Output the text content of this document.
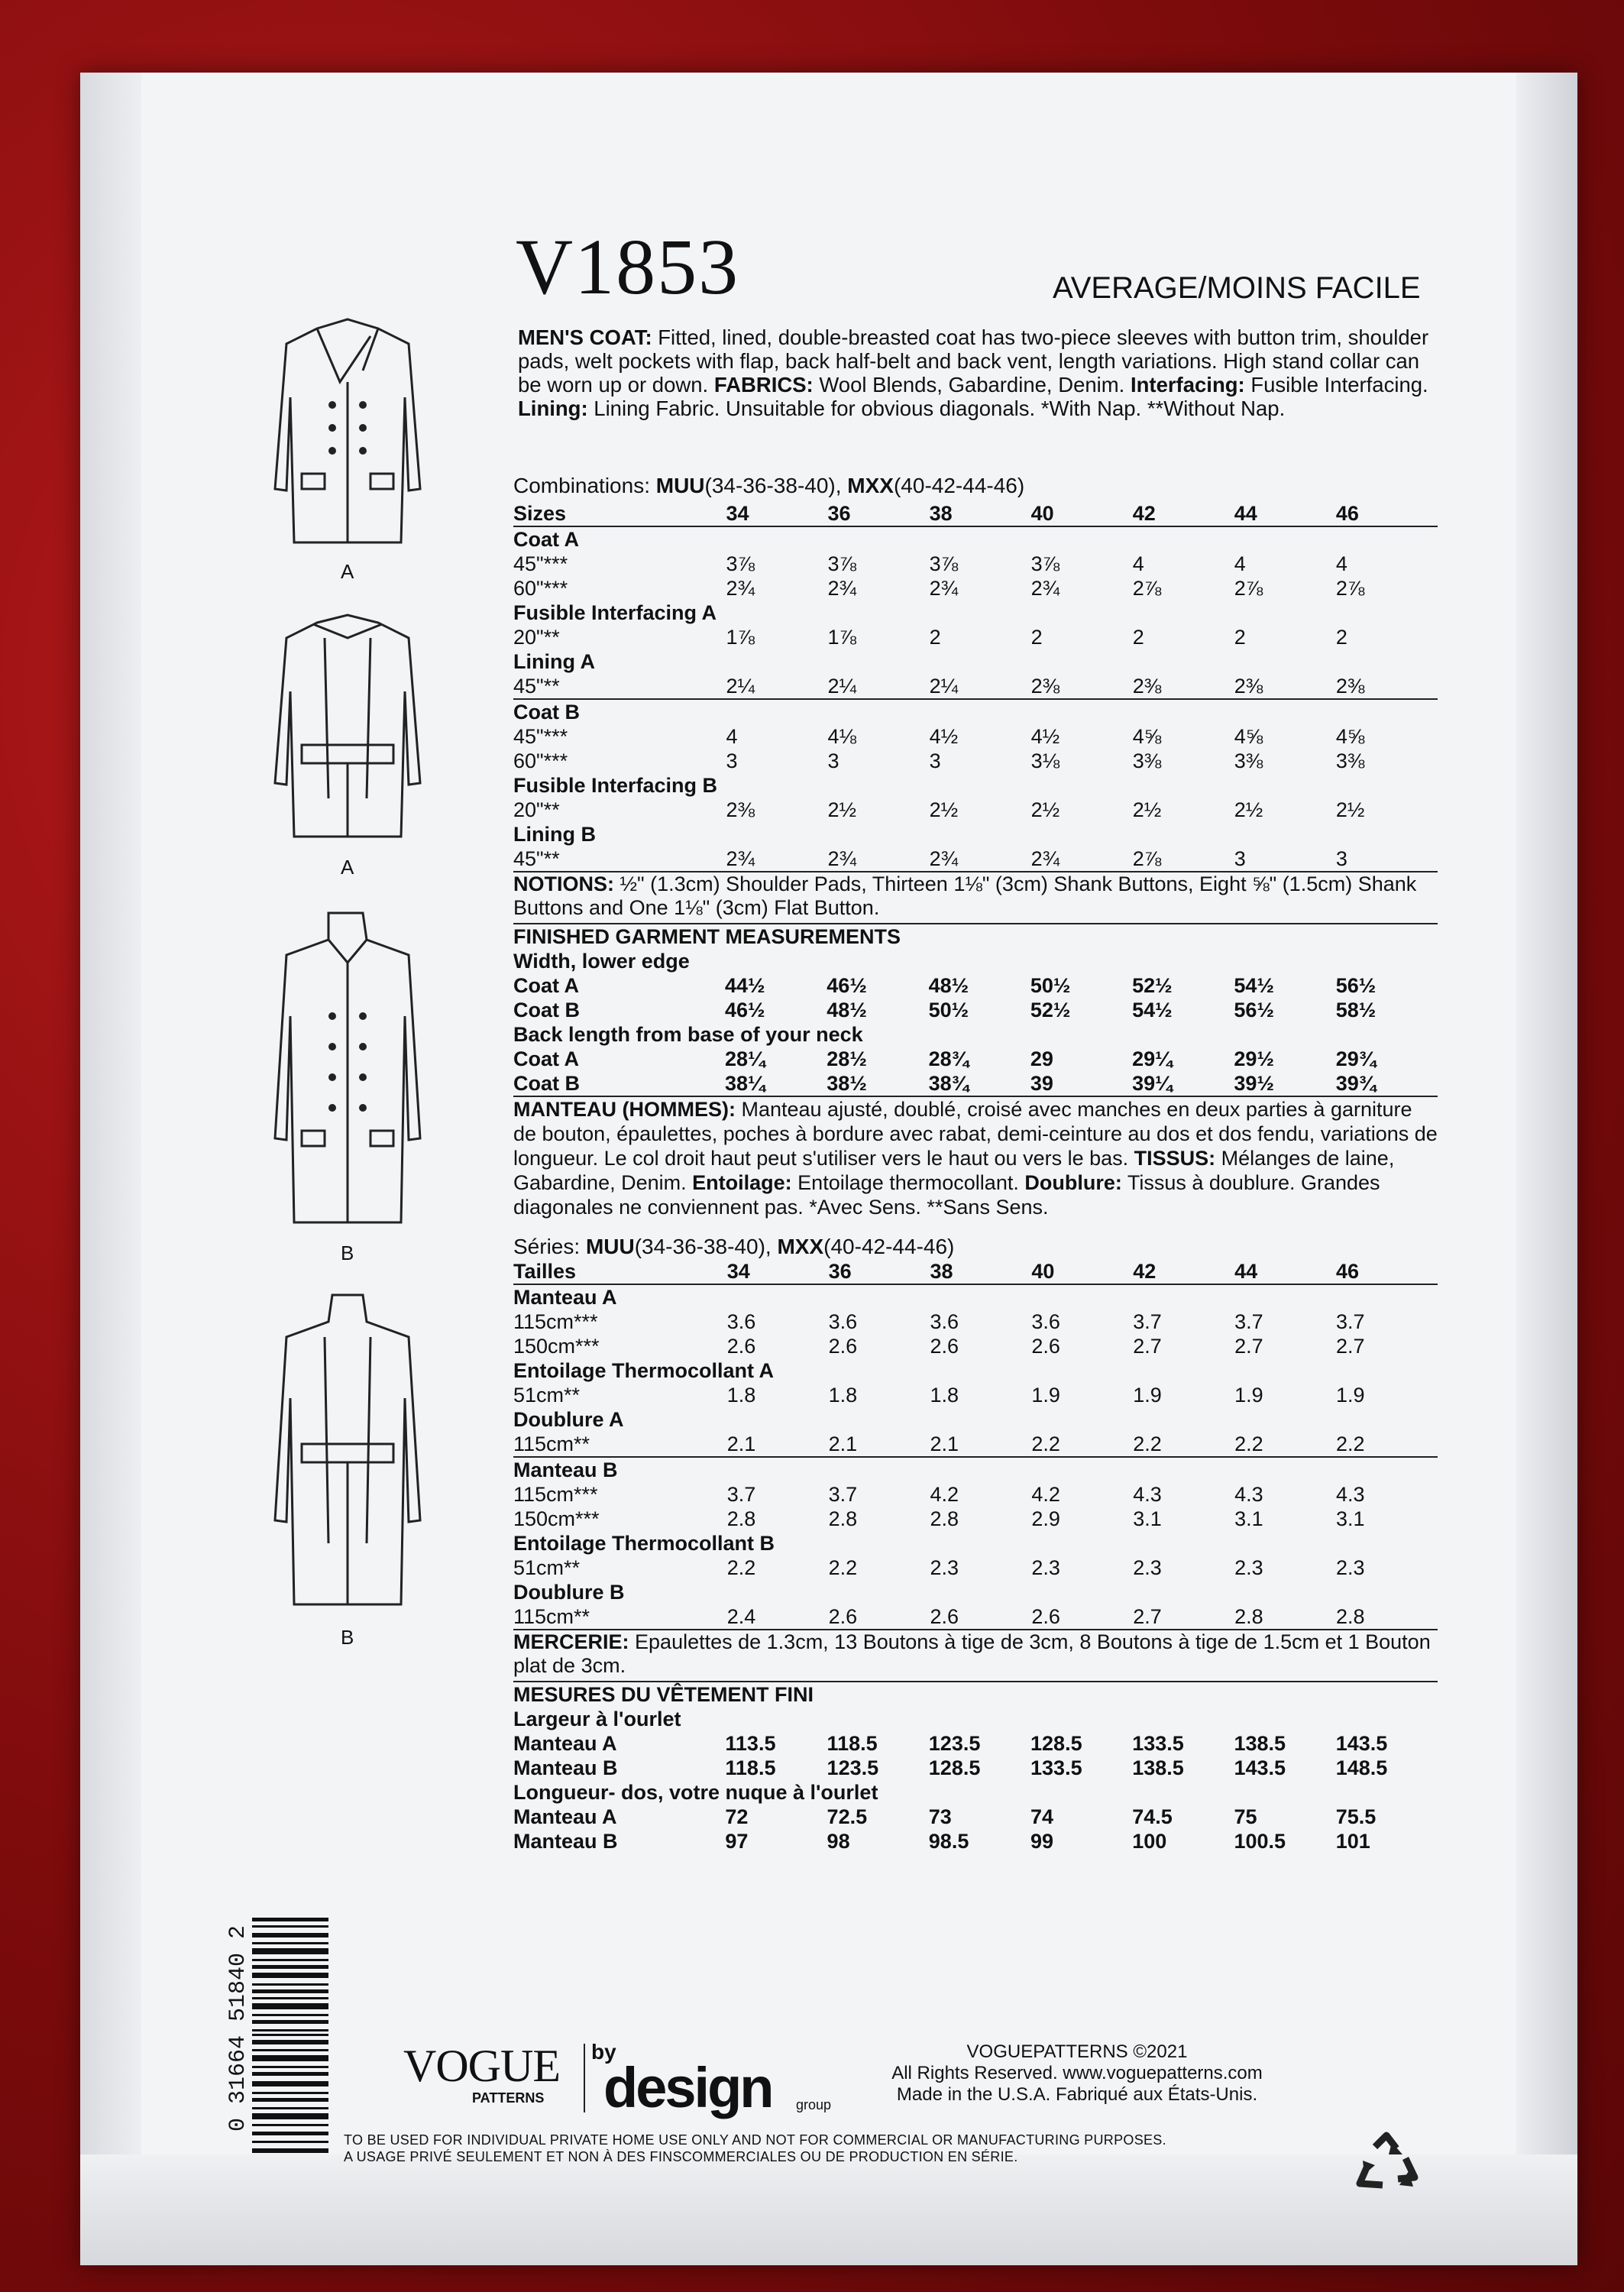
V1853	AVERAGE/MOINS FACILE
MEN'S COAT: Fitted, lined, double-breasted coat has two-piece sleeves with button trim, shoulder pads, welt pockets with flap, back half-belt and back vent, length variations. High stand collar can be worn up or down. FABRICS: Wool Blends, Gabardine, Denim. Interfacing: Fusible Interfacing. Lining: Lining Fabric. Unsuitable for obvious diagonals. *With Nap. **Without Nap.
Combinations: MUU(34-36-38-40), MXX(40-42-44-46)
Sizes	34	36	38	40	42	44	46
Coat A							
45"***	3⅞	3⅞	3⅞	3⅞	4	4	4
60"***	2¾	2¾	2¾	2¾	2⅞	2⅞	2⅞
Fusible Interfacing A							
20"**	1⅞	1⅞	2	2	2	2	2
Lining A							
45"**	2¼	2¼	2¼	2⅜	2⅜	2⅜	2⅜
Coat B							
45"***	4	4⅛	4½	4½	4⅝	4⅝	4⅝
60"***	3	3	3	3⅛	3⅜	3⅜	3⅜
Fusible Interfacing B							
20"**	2⅜	2½	2½	2½	2½	2½	2½
Lining B							
45"**	2¾	2¾	2¾	2¾	2⅞	3	3
NOTIONS: ½" (1.3cm) Shoulder Pads, Thirteen 1⅛" (3cm) Shank Buttons, Eight ⅝" (1.5cm) Shank Buttons and One 1⅛" (3cm) Flat Button.
FINISHED GARMENT MEASUREMENTS							
Width, lower edge							
Coat A	44½	46½	48½	50½	52½	54½	56½
Coat B	46½	48½	50½	52½	54½	56½	58½
Back length from base of your neck							
Coat A	28¼	28½	28¾	29	29¼	29½	29¾
Coat B	38¼	38½	38¾	39	39¼	39½	39¾
MANTEAU (HOMMES): Manteau ajusté, doublé, croisé avec manches en deux parties à garniture de bouton, épaulettes, poches à bordure avec rabat, demi-ceinture au dos et dos fendu, variations de longueur. Le col droit haut peut s'utiliser vers le haut ou vers le bas. TISSUS: Mélanges de laine, Gabardine, Denim. Entoilage: Entoilage thermocollant. Doublure: Tissus à doublure. Grandes diagonales ne conviennent pas. *Avec Sens. **Sans Sens.
Séries: MUU(34-36-38-40), MXX(40-42-44-46)
Tailles	34	36	38	40	42	44	46
Manteau A							
115cm***	3.6	3.6	3.6	3.6	3.7	3.7	3.7
150cm***	2.6	2.6	2.6	2.6	2.7	2.7	2.7
Entoilage Thermocollant A							
51cm**	1.8	1.8	1.8	1.9	1.9	1.9	1.9
Doublure A							
115cm**	2.1	2.1	2.1	2.2	2.2	2.2	2.2
Manteau B							
115cm***	3.7	3.7	4.2	4.2	4.3	4.3	4.3
150cm***	2.8	2.8	2.8	2.9	3.1	3.1	3.1
Entoilage Thermocollant B							
51cm**	2.2	2.2	2.3	2.3	2.3	2.3	2.3
Doublure B							
115cm**	2.4	2.6	2.6	2.6	2.7	2.8	2.8
MERCERIE: Epaulettes de 1.3cm, 13 Boutons à tige de 3cm, 8 Boutons à tige de 1.5cm et 1 Bouton plat de 3cm.
MESURES DU VÊTEMENT FINI							
Largeur à l'ourlet							
Manteau A	113.5	118.5	123.5	128.5	133.5	138.5	143.5
Manteau B	118.5	123.5	128.5	133.5	138.5	143.5	148.5
Longueur- dos, votre nuque à l'ourlet							
Manteau A	72	72.5	73	74	74.5	75	75.5
Manteau B	97	98	98.5	99	100	100.5	101
A
A
B
B
0 31664 51840 2	VOGUE
PATTERNS
by
design group
VOGUEPATTERNS ©2021
All Rights Reserved. www.voguepatterns.com
Made in the U.S.A. Fabriqué aux États-Unis.
TO BE USED FOR INDIVIDUAL PRIVATE HOME USE ONLY AND NOT FOR COMMERCIAL OR MANUFACTURING PURPOSES.
A USAGE PRIVÉ SEULEMENT ET NON À DES FINSCOMMERCIALES OU DE PRODUCTION EN SÉRIE.
